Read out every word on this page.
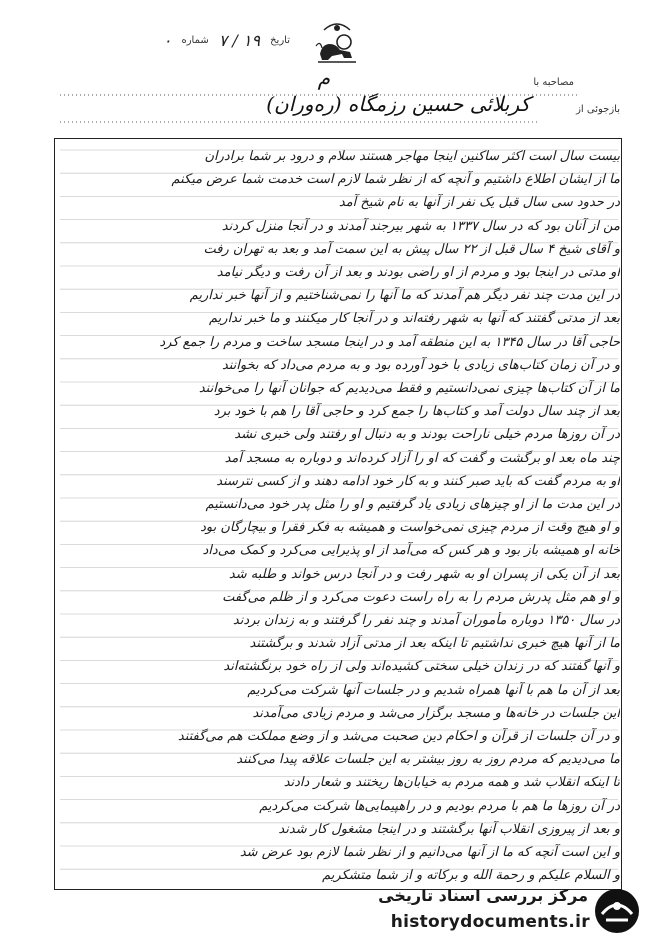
تاریخ
۱۹ / ۷
شماره
۰
مصاحبه با
م
بازجوئی از
کربلائی حسین رزمگاه (ره‌وران)
بیست سال است اکثر ساکنین اینجا مهاجر هستند سلام و درود بر شما برادران
ما از ایشان اطلاع داشتیم و آنچه که از نظر شما لازم است خدمت شما عرض میکنم
در حدود سی سال قبل یک نفر از آنها به نام شیخ آمد
من از آنان بود که در سال ۱۳۳۷ به شهر بیرجند آمدند و در آنجا منزل کردند
و آقای شیخ ۴ سال قبل از ۲۲ سال پیش به این سمت آمد و بعد به تهران رفت
او مدتی در اینجا بود و مردم از او راضی بودند و بعد از آن رفت و دیگر نیامد
در این مدت چند نفر دیگر هم آمدند که ما آنها را نمی‌شناختیم و از آنها خبر نداریم
بعد از مدتی گفتند که آنها به شهر رفته‌اند و در آنجا کار میکنند و ما خبر نداریم
حاجی آقا در سال ۱۳۴۵ به این منطقه آمد و در اینجا مسجد ساخت و مردم را جمع کرد
و در آن زمان کتاب‌های زیادی با خود آورده بود و به مردم می‌داد که بخوانند
ما از آن کتاب‌ها چیزی نمی‌دانستیم و فقط می‌دیدیم که جوانان آنها را می‌خوانند
بعد از چند سال دولت آمد و کتاب‌ها را جمع کرد و حاجی آقا را هم با خود برد
در آن روزها مردم خیلی ناراحت بودند و به دنبال او رفتند ولی خبری نشد
چند ماه بعد او برگشت و گفت که او را آزاد کرده‌اند و دوباره به مسجد آمد
او به مردم گفت که باید صبر کنند و به کار خود ادامه دهند و از کسی نترسند
در این مدت ما از او چیزهای زیادی یاد گرفتیم و او را مثل پدر خود می‌دانستیم
و او هیچ وقت از مردم چیزی نمی‌خواست و همیشه به فکر فقرا و بیچارگان بود
خانه او همیشه باز بود و هر کس که می‌آمد از او پذیرایی می‌کرد و کمک می‌داد
بعد از آن یکی از پسران او به شهر رفت و در آنجا درس خواند و طلبه شد
و او هم مثل پدرش مردم را به راه راست دعوت می‌کرد و از ظلم می‌گفت
در سال ۱۳۵۰ دوباره مأموران آمدند و چند نفر را گرفتند و به زندان بردند
ما از آنها هیچ خبری نداشتیم تا اینکه بعد از مدتی آزاد شدند و برگشتند
و آنها گفتند که در زندان خیلی سختی کشیده‌اند ولی از راه خود برنگشته‌اند
بعد از آن ما هم با آنها همراه شدیم و در جلسات آنها شرکت می‌کردیم
این جلسات در خانه‌ها و مسجد برگزار می‌شد و مردم زیادی می‌آمدند
و در آن جلسات از قرآن و احکام دین صحبت می‌شد و از وضع مملکت هم می‌گفتند
ما می‌دیدیم که مردم روز به روز بیشتر به این جلسات علاقه پیدا می‌کنند
تا اینکه انقلاب شد و همه مردم به خیابان‌ها ریختند و شعار دادند
در آن روزها ما هم با مردم بودیم و در راهپیمایی‌ها شرکت می‌کردیم
و بعد از پیروزی انقلاب آنها برگشتند و در اینجا مشغول کار شدند
و این است آنچه که ما از آنها می‌دانیم و از نظر شما لازم بود عرض شد
و السلام علیکم و رحمة الله و برکاته و از شما متشکریم
مرکز بررسی اسناد تاریخی
historydocuments.ir
